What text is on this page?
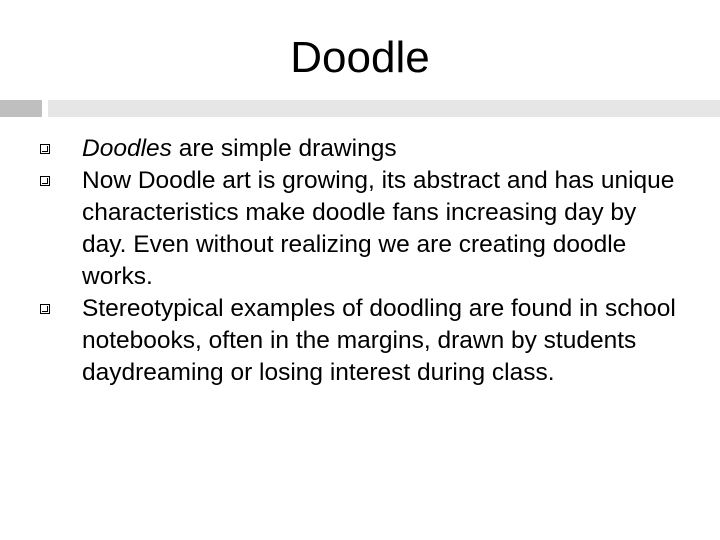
Doodle
Doodles are simple drawings
Now Doodle art is growing, its abstract and has unique characteristics make doodle fans increasing day by day. Even without realizing we are creating doodle works.
Stereotypical examples of doodling are found in school notebooks, often in the margins, drawn by students daydreaming or losing interest during class.
